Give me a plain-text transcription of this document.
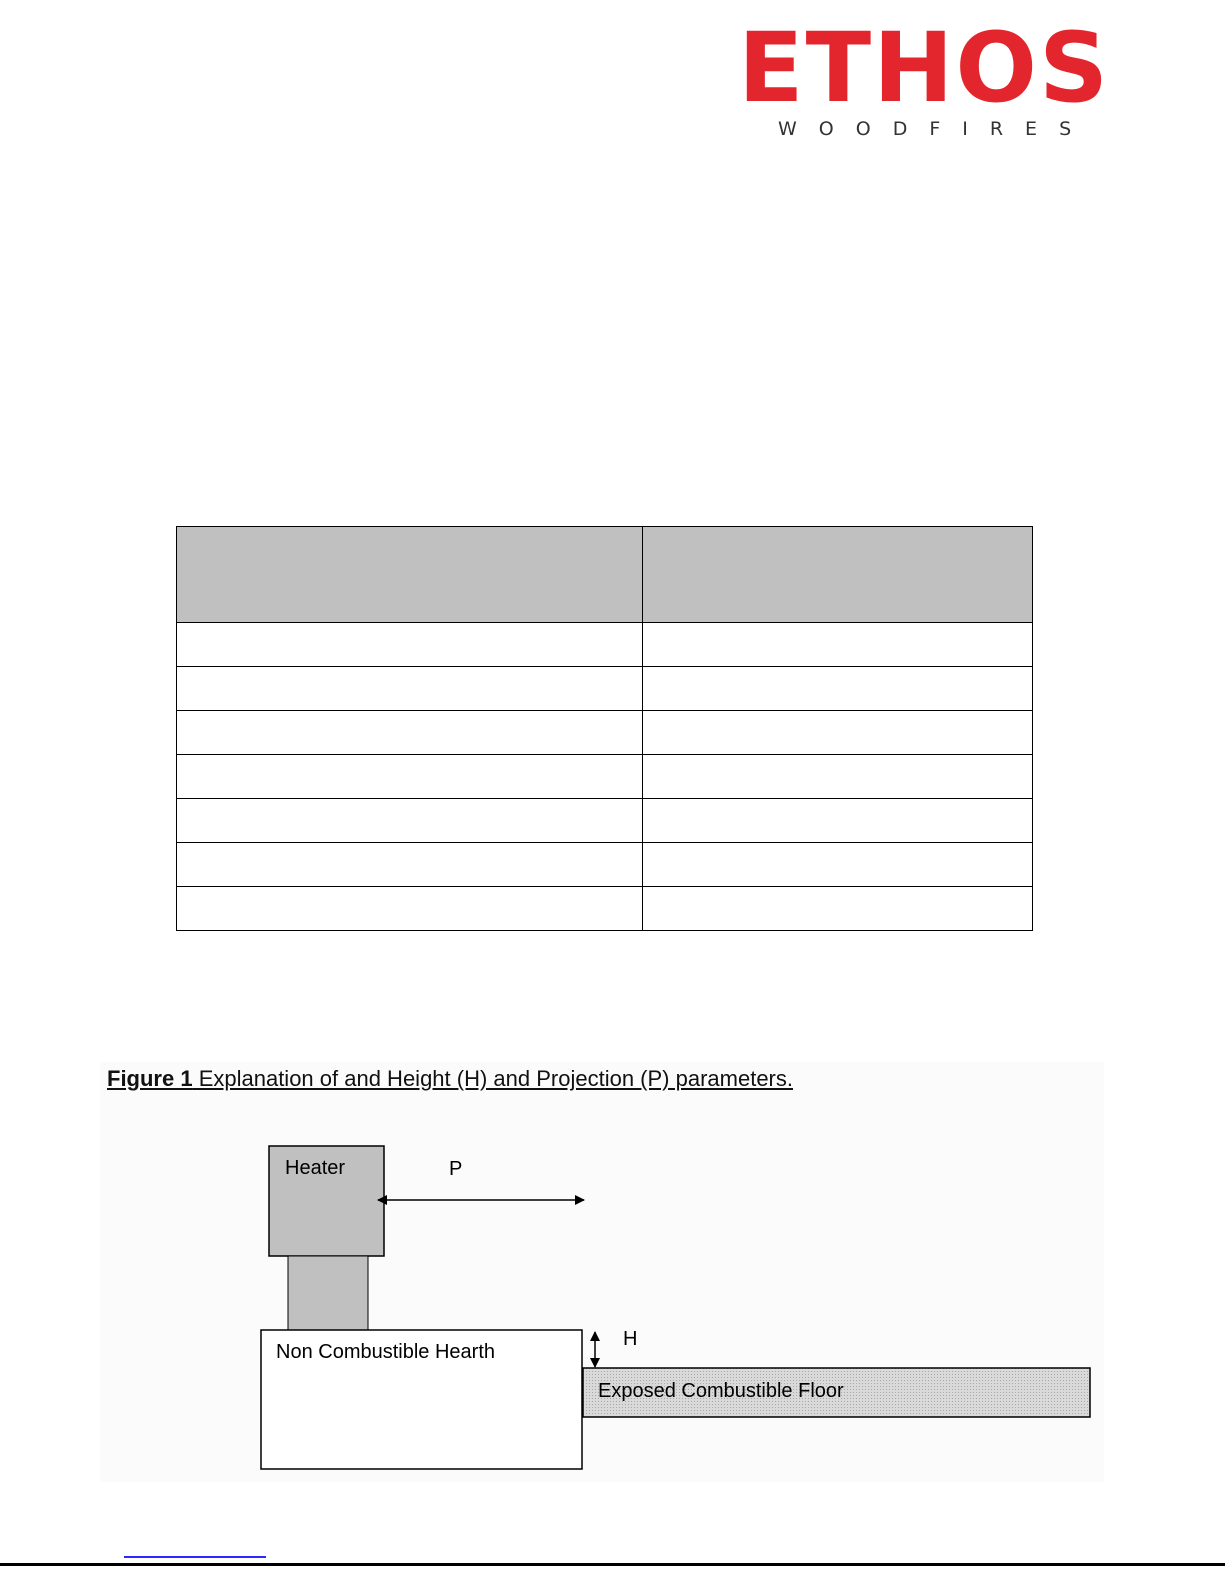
ETHOS
WOODFIRES

Figure 1 Explanation of and Height (H) and Projection (P) parameters.
Heater	P
Non Combustible Hearth
H
Exposed Combustible Floor
